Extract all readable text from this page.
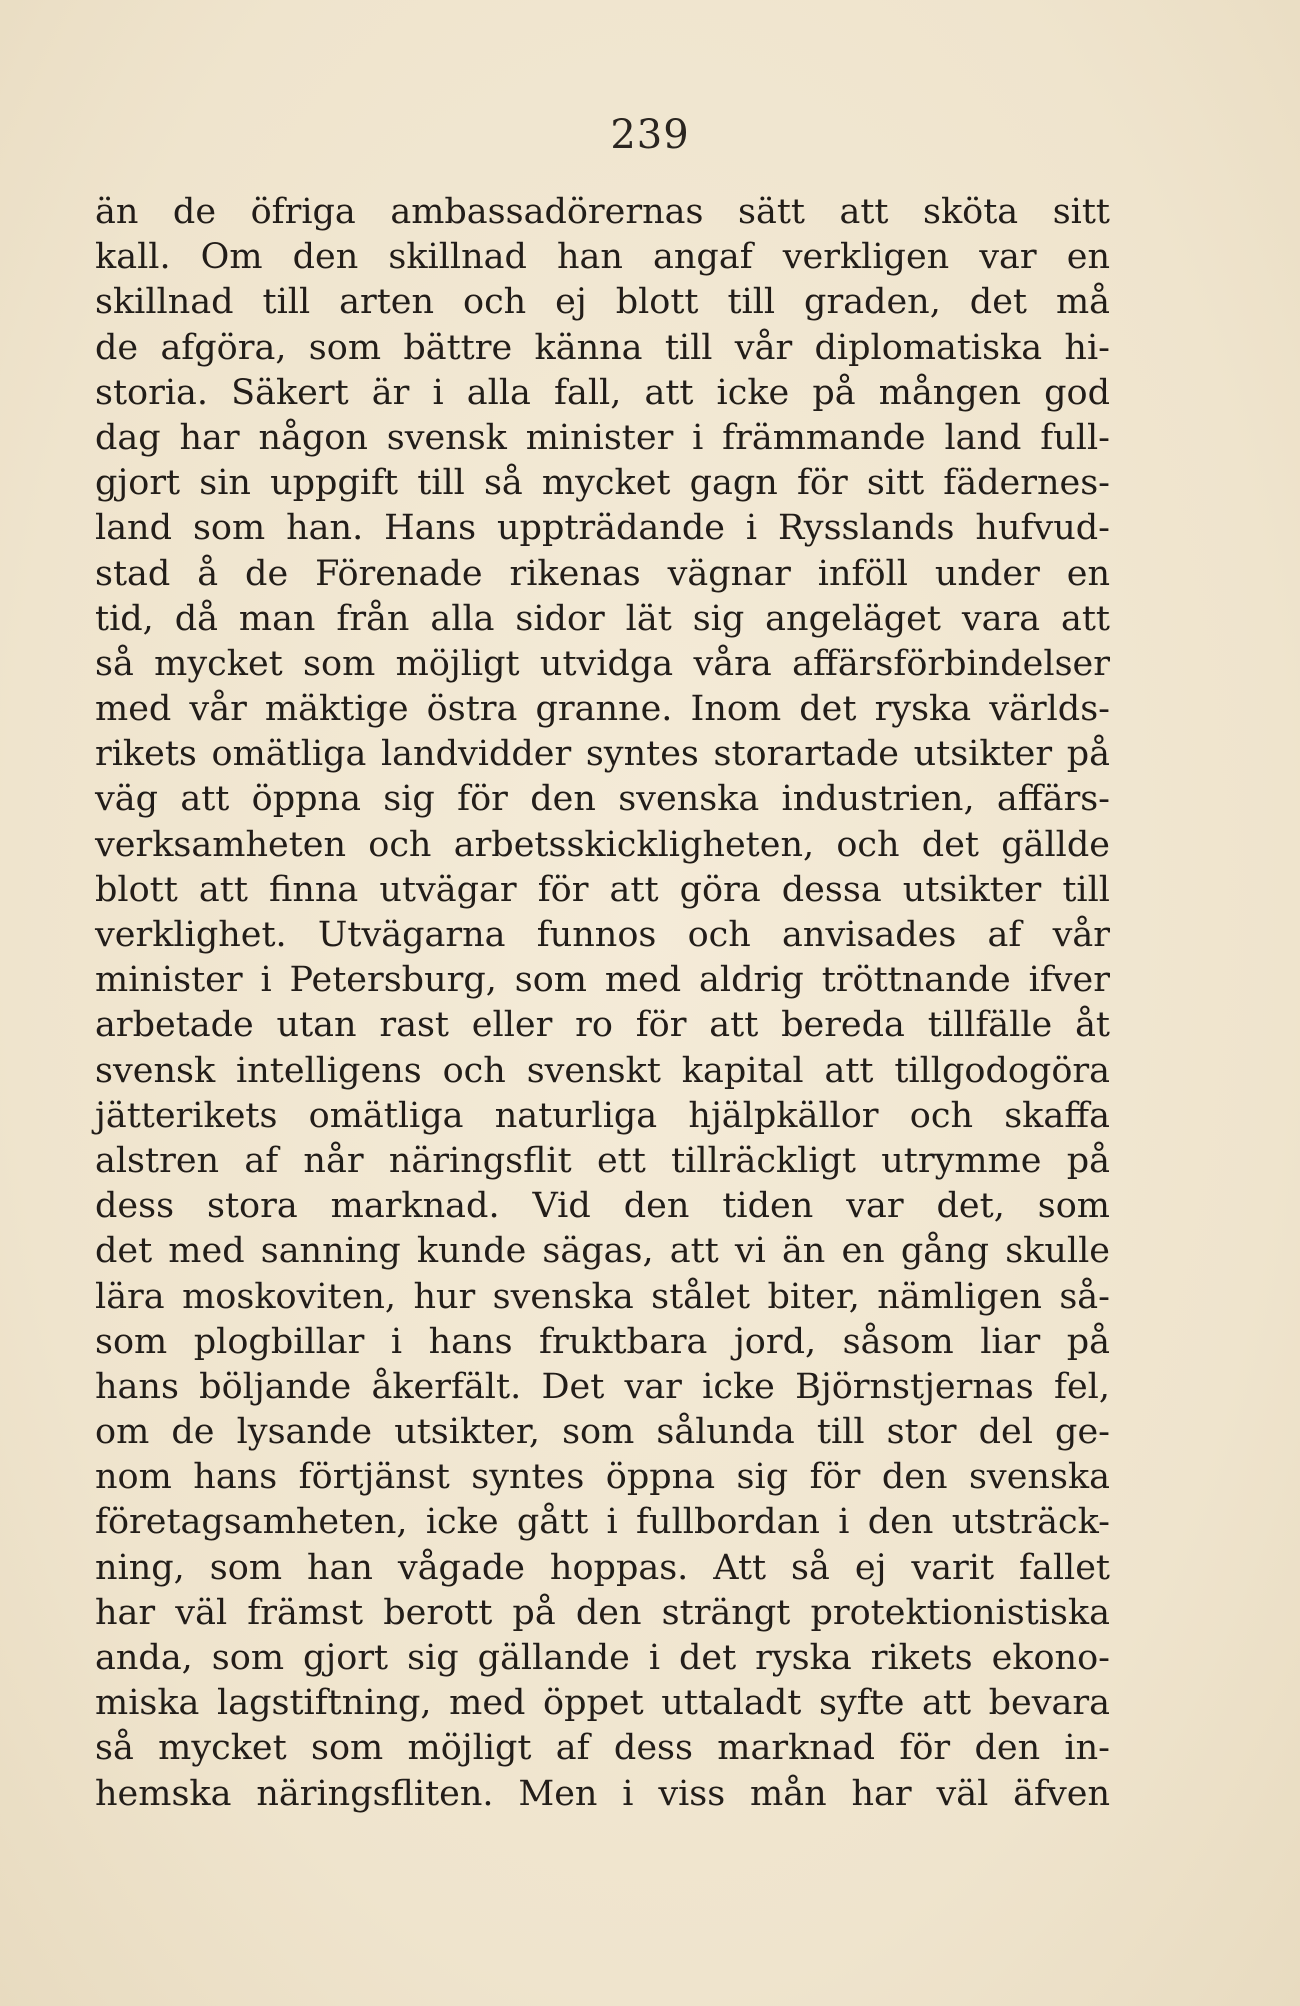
239
än de öfriga ambassadörernas sätt att sköta sitt
kall. Om den skillnad han angaf verkligen var en
skillnad till arten och ej blott till graden, det må
de afgöra, som bättre känna till vår diplomatiska hi-
storia. Säkert är i alla fall, att icke på mången god
dag har någon svensk minister i främmande land full-
gjort sin uppgift till så mycket gagn för sitt fädernes-
land som han. Hans uppträdande i Rysslands hufvud-
stad å de Förenade rikenas vägnar inföll under en
tid, då man från alla sidor lät sig angeläget vara att
så mycket som möjligt utvidga våra affärsförbindelser
med vår mäktige östra granne. Inom det ryska världs-
rikets omätliga landvidder syntes storartade utsikter på
väg att öppna sig för den svenska industrien, affärs-
verksamheten och arbetsskickligheten, och det gällde
blott att finna utvägar för att göra dessa utsikter till
verklighet. Utvägarna funnos och anvisades af vår
minister i Petersburg, som med aldrig tröttnande ifver
arbetade utan rast eller ro för att bereda tillfälle åt
svensk intelligens och svenskt kapital att tillgodogöra
jätterikets omätliga naturliga hjälpkällor och skaffa
alstren af når näringsflit ett tillräckligt utrymme på
dess stora marknad. Vid den tiden var det, som
det med sanning kunde sägas, att vi än en gång skulle
lära moskoviten, hur svenska stålet biter, nämligen så-
som plogbillar i hans fruktbara jord, såsom liar på
hans böljande åkerfält. Det var icke Björnstjernas fel,
om de lysande utsikter, som sålunda till stor del ge-
nom hans förtjänst syntes öppna sig för den svenska
företagsamheten, icke gått i fullbordan i den utsträck-
ning, som han vågade hoppas. Att så ej varit fallet
har väl främst berott på den strängt protektionistiska
anda, som gjort sig gällande i det ryska rikets ekono-
miska lagstiftning, med öppet uttaladt syfte att bevara
så mycket som möjligt af dess marknad för den in-
hemska näringsfliten. Men i viss mån har väl äfven
